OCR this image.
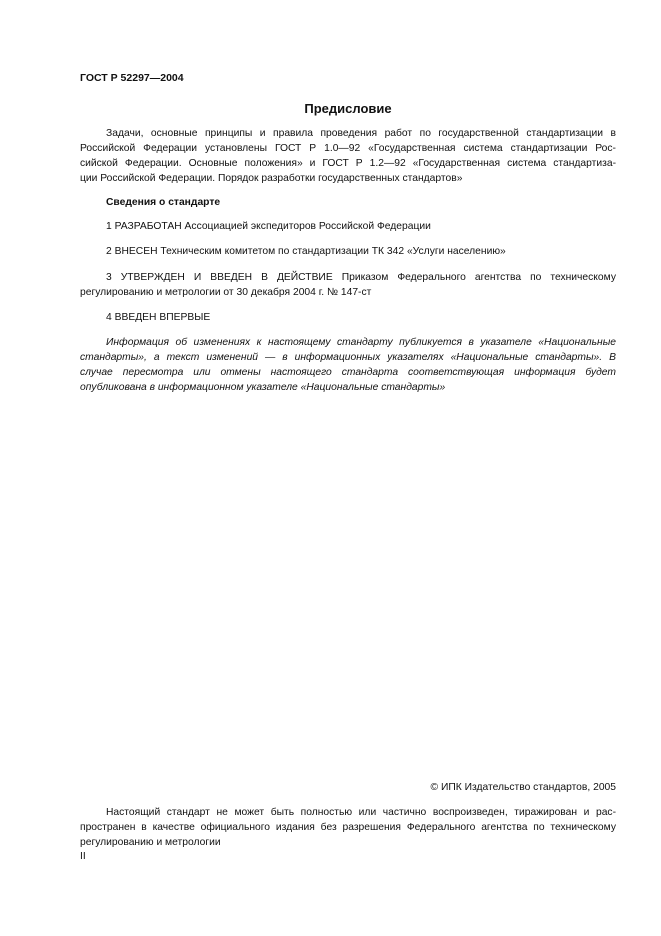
ГОСТ Р 52297—2004
Предисловие

Задачи, основные принципы и правила проведения работ по государственной стандартизации в
Российской Федерации установлены ГОСТ Р 1.0—92 «Государственная система стандартизации Рос-
сийской Федерации. Основные положения» и ГОСТ Р 1.2—92 «Государственная система стандартиза-
ции Российской Федерации. Порядок разработки государственных стандартов»

Сведения о стандарте

1 РАЗРАБОТАН Ассоциацией экспедиторов Российской Федерации

2 ВНЕСЕН Техническим комитетом по стандартизации ТК 342 «Услуги населению»

3 УТВЕРЖДЕН И ВВЕДЕН В ДЕЙСТВИЕ Приказом Федерального агентства по техническому
регулированию и метрологии от 30 декабря 2004 г. № 147-ст

4 ВВЕДЕН ВПЕРВЫЕ

Информация об изменениях к настоящему стандарту публикуется в указателе «Национальные
стандарты», а текст изменений — в информационных указателях «Национальные стандарты». В
случае пересмотра или отмены настоящего стандарта соответствующая информация будет
опубликована в информационном указателе «Национальные стандарты»

© ИПК Издательство стандартов, 2005

Настоящий стандарт не может быть полностью или частично воспроизведен, тиражирован и рас-
пространен в качестве официального издания без разрешения Федерального агентства по техническому
регулированию и метрологии

II
